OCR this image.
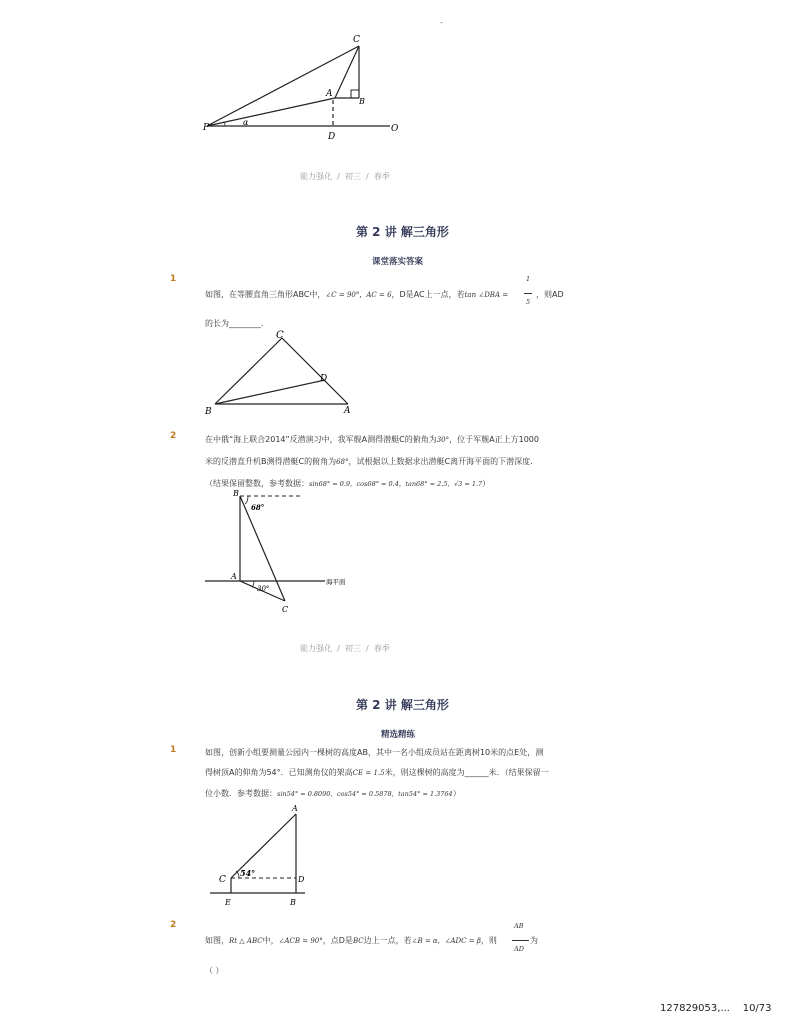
-
C
A
B
P
α
D
O
能力强化 / 初三 / 春季
第 2 讲 解三角形
课堂落实答案
1
如图，在等腰直角三角形ABC中，∠C = 90°，AC = 6，D是AC上一点，若tan ∠DBA =
1
5
，则AD
的长为________．
C
D
B	A
2	在中俄“海上联合2014”反潜演习中，我军舰A测得潜艇C的俯角为30°，位于军舰A正上方1000
米的反潜直升机B测得潜艇C的俯角为68°，试根据以上数据求出潜艇C离开海平面的下潜深度．
（结果保留整数，参考数据：sin68° = 0.9，cos68° = 0.4，tan68° = 2.5，√3 = 1.7）
B
68°
A
30°
C
海平面
能力强化 / 初三 / 春季
第 2 讲 解三角形
精选精练
1	如图，创新小组要测量公园内一棵树的高度AB，其中一名小组成员站在距离树10米的点E处，测
得树顶A的仰角为54°．已知测角仪的架高CE = 1.5米，则这棵树的高度为______米．（结果保留一
位小数．参考数据：sin54° = 0.8090，cos54° = 0.5878，tan54° = 1.3764）
A
C
54°
D
E	B
2
如图，Rt △ ABC中，∠ACB = 90°，点D是BC边上一点，若∠B = α，∠ADC = β，则
AB
AD
为
（ ）
127829053,... 10/73
